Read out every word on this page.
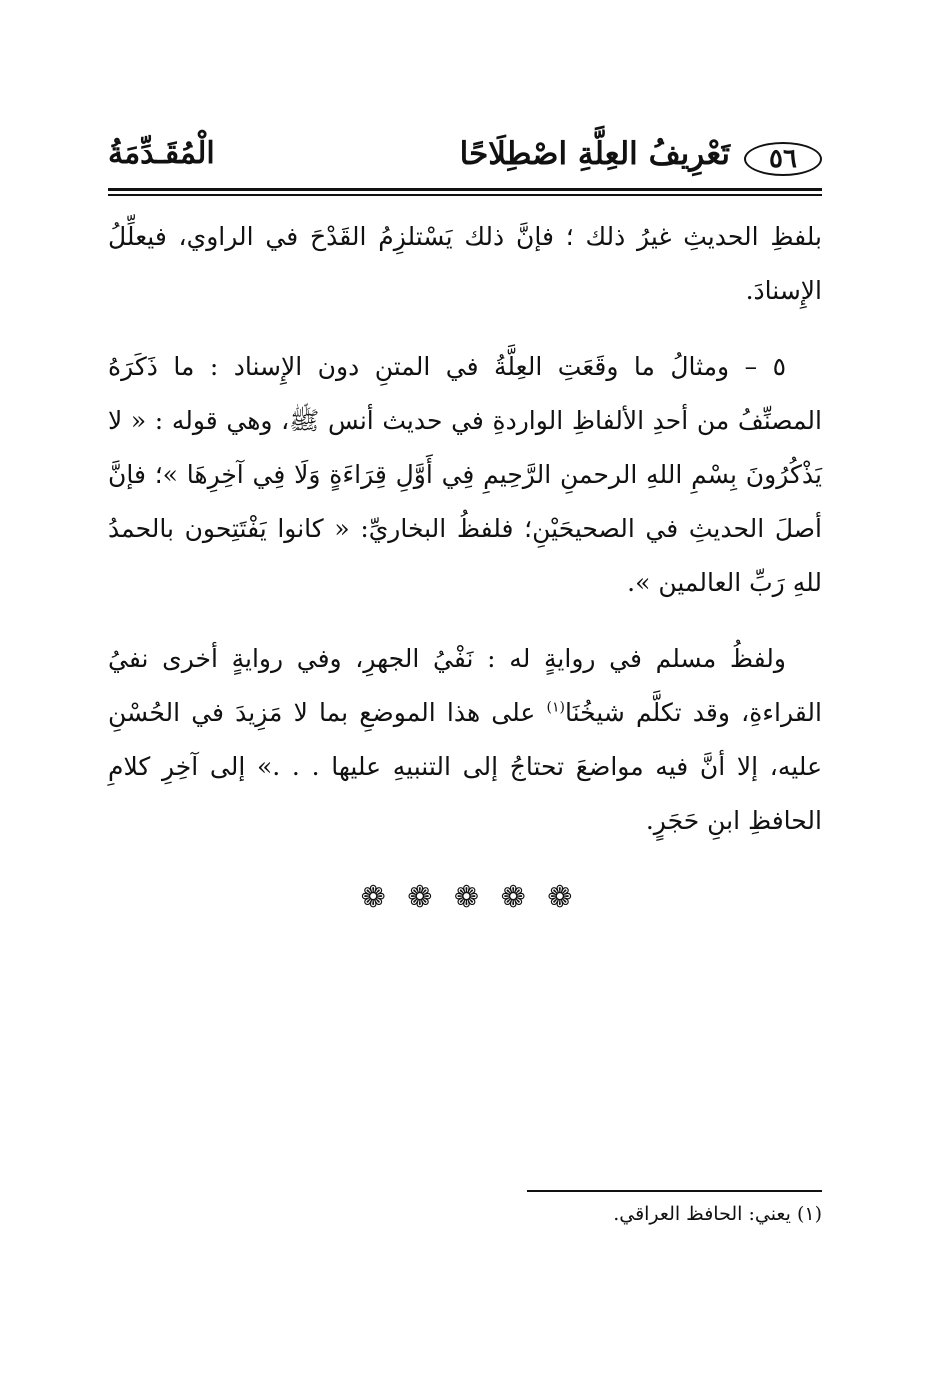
٥٦
تَعْرِيفُ العِلَّةِ اصْطِلَاحًا
الْمُقَـدِّمَةُ

بلفظِ الحديثِ غيرُ ذلك ؛ فإنَّ ذلك يَسْتلزِمُ القَدْحَ في الراوي، فيعلِّلُ الإِسنادَ.

٥ – ومثالُ ما وقَعَتِ العِلَّةُ في المتنِ دون الإِسناد : ما ذَكَرَهُ المصنِّفُ من أحدِ الألفاظِ الواردةِ في حديث أنس ﷺ، وهي قوله : « لا يَذْكُرُونَ بِسْمِ اللهِ الرحمنِ الرَّحِيمِ فِي أَوَّلِ قِرَاءَةٍ وَلَا فِي آخِرِهَا »؛ فإنَّ أصلَ الحديثِ في الصحيحَيْنِ؛ فلفظُ البخاريِّ: « كانوا يَفْتَتِحون بالحمدُ للهِ رَبِّ العالمين ».

ولفظُ مسلم في روايةٍ له : نَفْيُ الجهرِ، وفي روايةٍ أخرى نفيُ القراءةِ، وقد تكلَّم شيخُنَا$^{(١)}$ على هذا الموضعِ بما لا مَزِيدَ في الحُسْنِ عليه، إلا أنَّ فيه مواضعَ تحتاجُ إلى التنبيهِ عليها . . .» إلى آخِرِ كلامِ الحافظِ ابنِ حَجَرٍ.

❁ ❁ ❁ ❁ ❁
(١) يعني: الحافظ العراقي.
